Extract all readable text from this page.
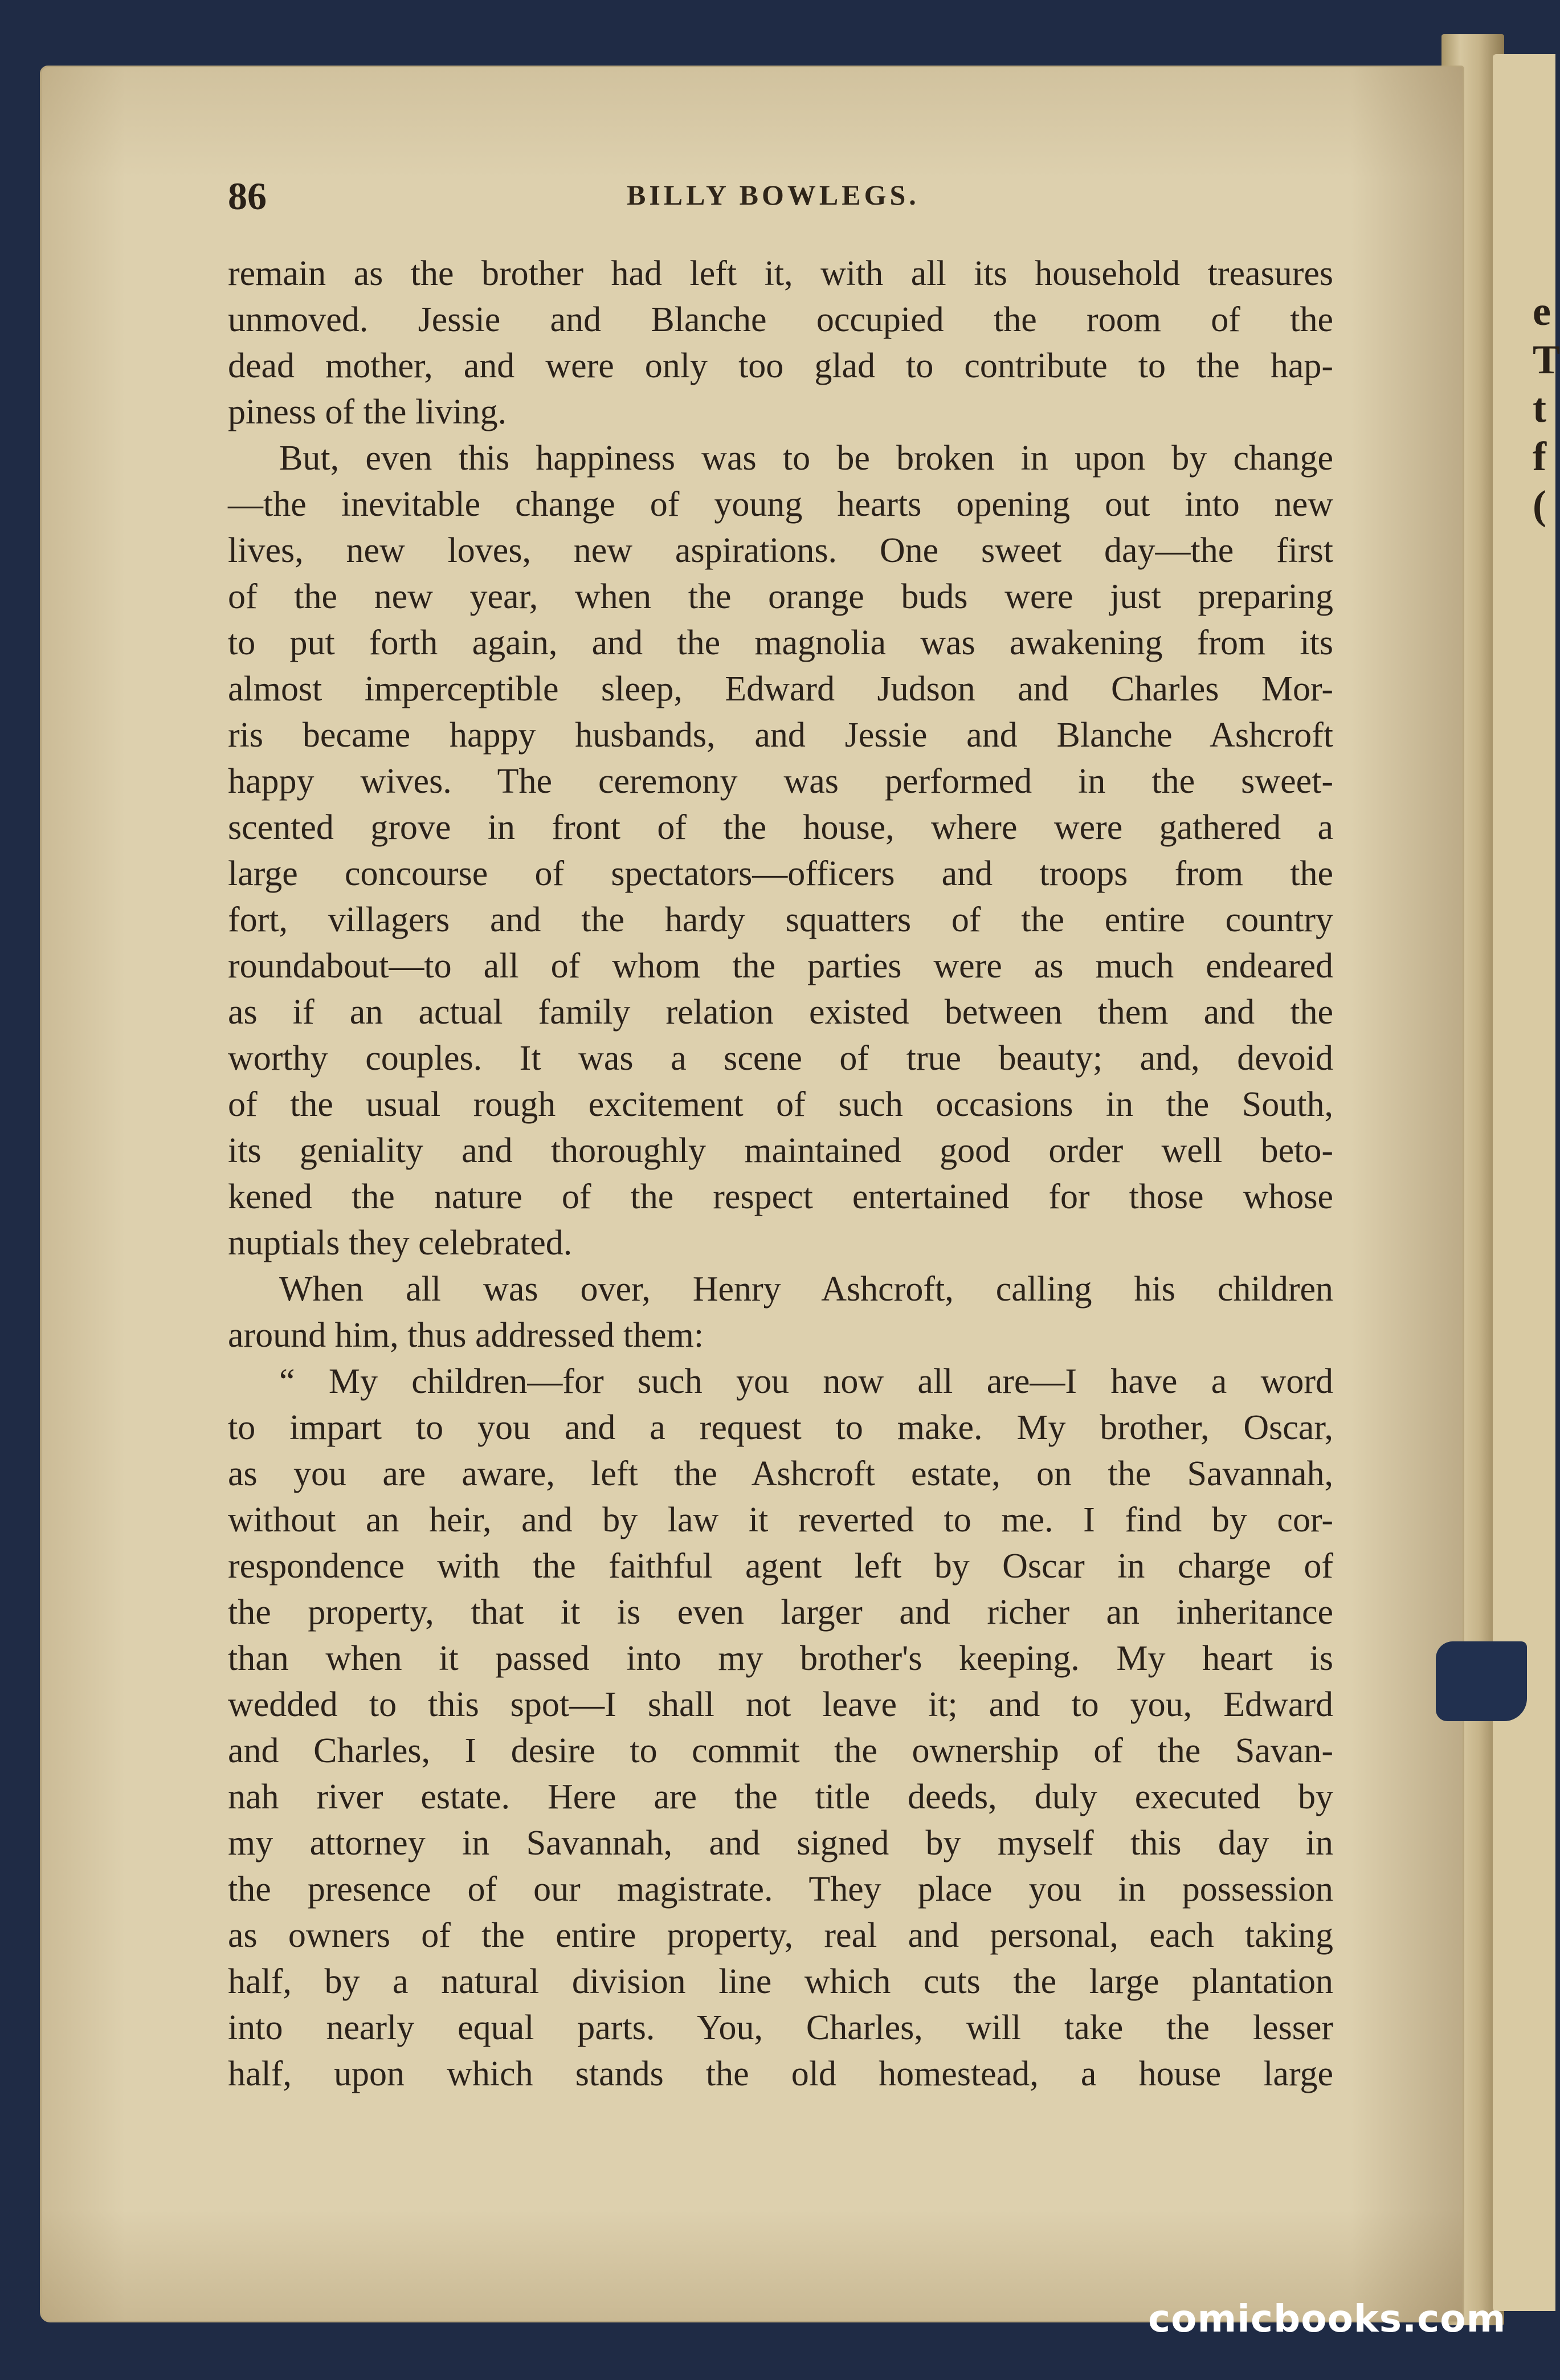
e
T
t
f
(
86	BILLY BOWLEGS.
remain as the brother had left it, with all its household treasures
unmoved. Jessie and Blanche occupied the room of the
dead mother, and were only too glad to contribute to the hap-
piness of the living.
But, even this happiness was to be broken in upon by change
—the inevitable change of young hearts opening out into new
lives, new loves, new aspirations. One sweet day—the first
of the new year, when the orange buds were just preparing
to put forth again, and the magnolia was awakening from its
almost imperceptible sleep, Edward Judson and Charles Mor-
ris became happy husbands, and Jessie and Blanche Ashcroft
happy wives. The ceremony was performed in the sweet-
scented grove in front of the house, where were gathered a
large concourse of spectators—officers and troops from the
fort, villagers and the hardy squatters of the entire country
roundabout—to all of whom the parties were as much endeared
as if an actual family relation existed between them and the
worthy couples. It was a scene of true beauty; and, devoid
of the usual rough excitement of such occasions in the South,
its geniality and thoroughly maintained good order well beto-
kened the nature of the respect entertained for those whose
nuptials they celebrated.
When all was over, Henry Ashcroft, calling his children
around him, thus addressed them:
“ My children—for such you now all are—I have a word
to impart to you and a request to make. My brother, Oscar,
as you are aware, left the Ashcroft estate, on the Savannah,
without an heir, and by law it reverted to me. I find by cor-
respondence with the faithful agent left by Oscar in charge of
the property, that it is even larger and richer an inheritance
than when it passed into my brother's keeping. My heart is
wedded to this spot—I shall not leave it; and to you, Edward
and Charles, I desire to commit the ownership of the Savan-
nah river estate. Here are the title deeds, duly executed by
my attorney in Savannah, and signed by myself this day in
the presence of our magistrate. They place you in possession
as owners of the entire property, real and personal, each taking
half, by a natural division line which cuts the large plantation
into nearly equal parts. You, Charles, will take the lesser
half, upon which stands the old homestead, a house large
comicbooks.com
